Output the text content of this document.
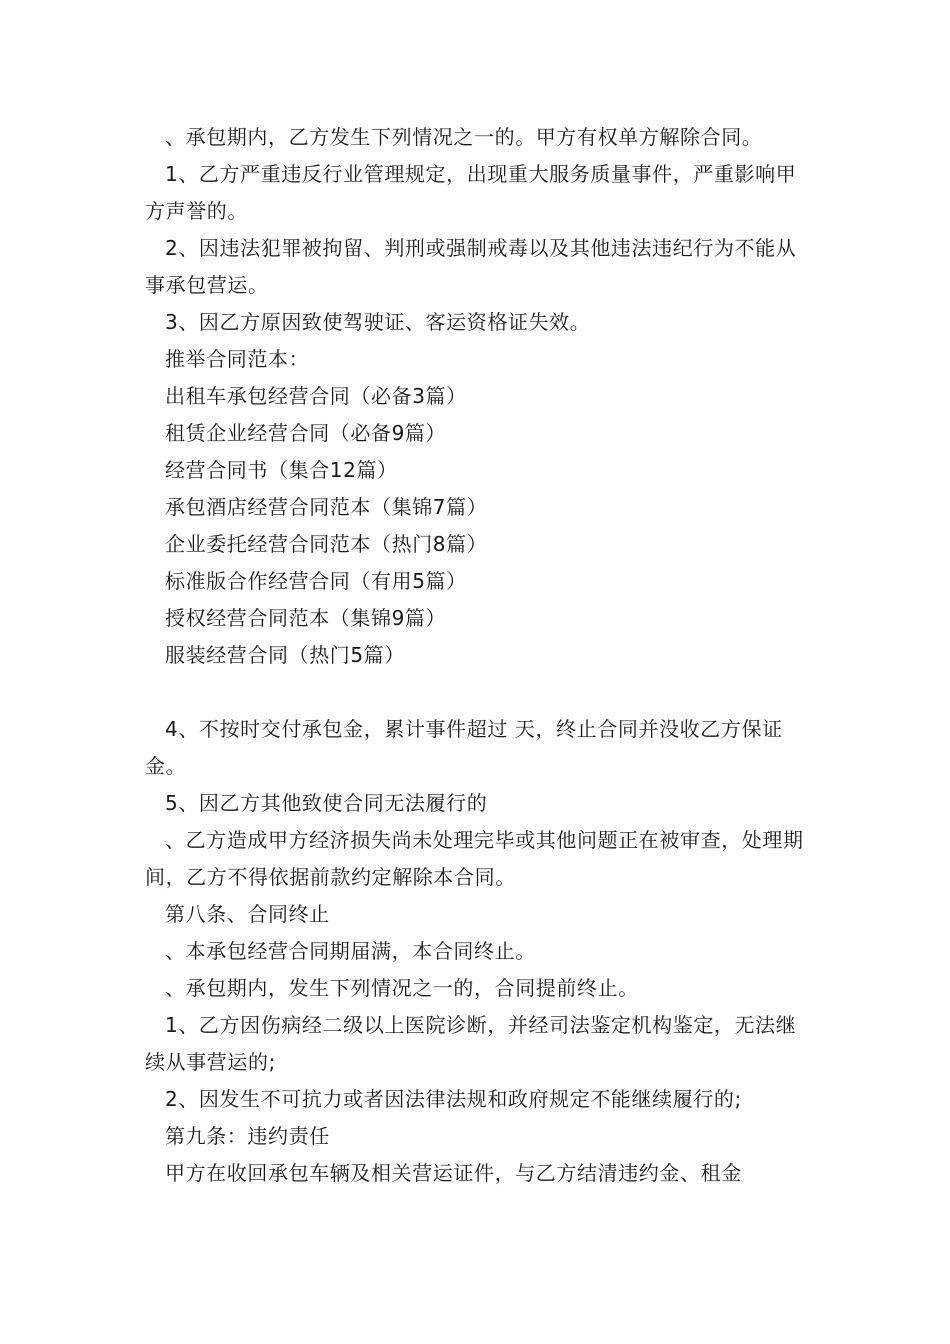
、承包期内，乙方发生下列情况之一的。甲方有权单方解除合同。

1、乙方严重违反行业管理规定，出现重大服务质量事件，严重影响甲方声誉的。

2、因违法犯罪被拘留、判刑或强制戒毒以及其他违法违纪行为不能从事承包营运。

3、因乙方原因致使驾驶证、客运资格证失效。

推举合同范本：

出租车承包经营合同（必备3篇）

租赁企业经营合同（必备9篇）

经营合同书（集合12篇）

承包酒店经营合同范本（集锦7篇）

企业委托经营合同范本（热门8篇）

标准版合作经营合同（有用5篇）

授权经营合同范本（集锦9篇）

服装经营合同（热门5篇）

4、不按时交付承包金，累计事件超过 天，终止合同并没收乙方保证金。

5、因乙方其他致使合同无法履行的

、乙方造成甲方经济损失尚未处理完毕或其他问题正在被审查，处理期间，乙方不得依据前款约定解除本合同。

第八条、合同终止

、本承包经营合同期届满，本合同终止。

、承包期内，发生下列情况之一的，合同提前终止。

1、乙方因伤病经二级以上医院诊断，并经司法鉴定机构鉴定，无法继续从事营运的;

2、因发生不可抗力或者因法律法规和政府规定不能继续履行的;

第九条：违约责任

甲方在收回承包车辆及相关营运证件，与乙方结清违约金、租金
